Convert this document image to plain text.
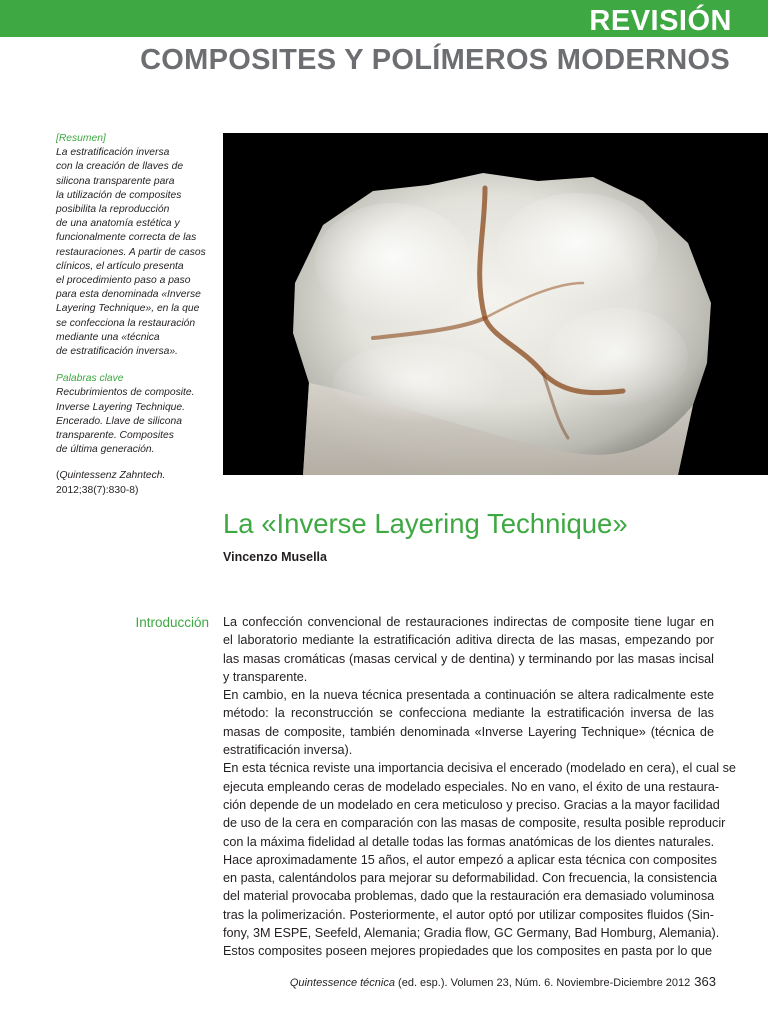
REVISIÓN
COMPOSITES Y POLÍMEROS MODERNOS
[Resumen]
La estratificación inversa
con la creación de llaves de
silicona transparente para
la utilización de composites
posibilita la reproducción
de una anatomía estética y
funcionalmente correcta de las
restauraciones. A partir de casos
clínicos, el artículo presenta
el procedimiento paso a paso
para esta denominada «Inverse
Layering Technique», en la que
se confecciona la restauración
mediante una «técnica
de estratificación inversa».
Palabras clave
Recubrimientos de composite.
Inverse Layering Technique.
Encerado. Llave de silicona
transparente. Composites
de última generación.
(Quintessenz Zahntech.
2012;38(7):830-8)
La «Inverse Layering Technique»
Vincenzo Musella
Introducción La confección convencional de restauraciones indirectas de composite tiene lugar en
el laboratorio mediante la estratificación aditiva directa de las masas, empezando por
las masas cromáticas (masas cervical y de dentina) y terminando por las masas incisal
y transparente.
En cambio, en la nueva técnica presentada a continuación se altera radicalmente este
método: la reconstrucción se confecciona mediante la estratificación inversa de las
masas de composite, también denominada «Inverse Layering Technique» (técnica de
estratificación inversa).
En esta técnica reviste una importancia decisiva el encerado (modelado en cera), el cual se
ejecuta empleando ceras de modelado especiales. No en vano, el éxito de una restaura-
ción depende de un modelado en cera meticuloso y preciso. Gracias a la mayor facilidad
de uso de la cera en comparación con las masas de composite, resulta posible reproducir
con la máxima fidelidad al detalle todas las formas anatómicas de los dientes naturales.
Hace aproximadamente 15 años, el autor empezó a aplicar esta técnica con composites
en pasta, calentándolos para mejorar su deformabilidad. Con frecuencia, la consistencia
del material provocaba problemas, dado que la restauración era demasiado voluminosa
tras la polimerización. Posteriormente, el autor optó por utilizar composites fluidos (Sin-
fony, 3M ESPE, Seefeld, Alemania; Gradia flow, GC Germany, Bad Homburg, Alemania).
Estos composites poseen mejores propiedades que los composites en pasta por lo que
Quintessence técnica (ed. esp.). Volumen 23, Núm. 6. Noviembre-Diciembre 2012 363
